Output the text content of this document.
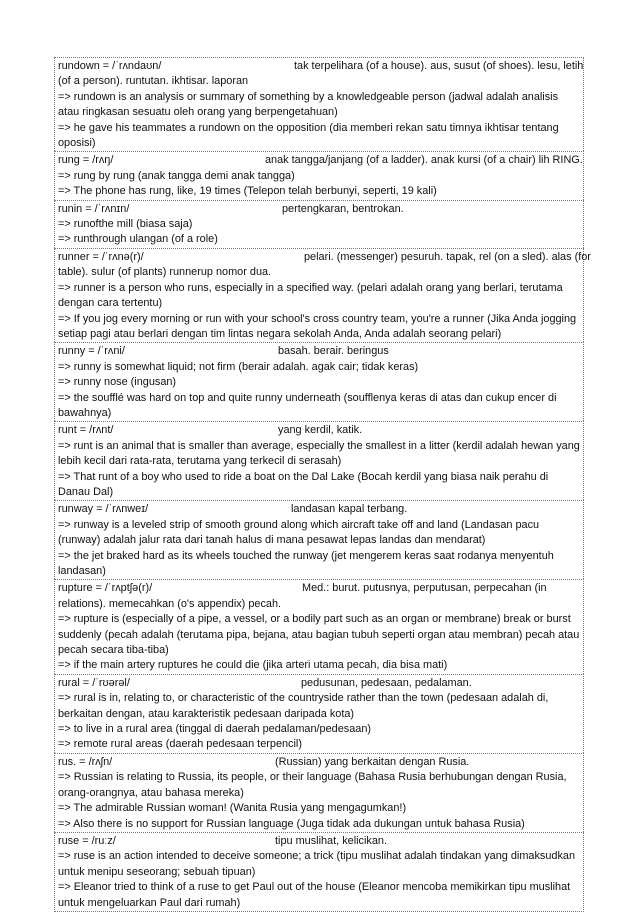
rundown = /ˈrʌndaʊn/	tak terpelihara (of a house). aus, susut (of shoes). lesu, letih
(of a person). runtutan. ikhtisar. laporan
=> rundown is an analysis or summary of something by a knowledgeable person (jadwal adalah analisis atau ringkasan sesuatu oleh orang yang berpengetahuan)
=> he gave his teammates a rundown on the opposition (dia memberi rekan satu timnya ikhtisar tentang oposisi)
rung = /rʌŋ/	anak tangga/janjang (of a ladder). anak kursi (of a chair) lih RING.
=> rung by rung (anak tangga demi anak tangga)
=> The phone has rung, like, 19 times (Telepon telah berbunyi, seperti, 19 kali)
runin = /ˈrʌnɪn/	pertengkaran, bentrokan.
=> runofthe mill (biasa saja)
=> runthrough ulangan (of a role)
runner = /ˈrʌnə(r)/	pelari. (messenger) pesuruh. tapak, rel (on a sled). alas (for
table). sulur (of plants) runnerup nomor dua.
=> runner is a person who runs, especially in a specified way. (pelari adalah orang yang berlari, terutama dengan cara tertentu)
=> If you jog every morning or run with your school's cross country team, you're a runner (Jika Anda jogging setiap pagi atau berlari dengan tim lintas negara sekolah Anda, Anda adalah seorang pelari)
runny = /ˈrʌni/	basah. berair. beringus
=> runny is somewhat liquid; not firm (berair adalah. agak cair; tidak keras)
=> runny nose (ingusan)
=> the soufflé was hard on top and quite runny underneath (soufflenya keras di atas dan cukup encer di bawahnya)
runt = /rʌnt/	yang kerdil, katik.
=> runt is an animal that is smaller than average, especially the smallest in a litter (kerdil adalah hewan yang lebih kecil dari rata-rata, terutama yang terkecil di serasah)
=> That runt of a boy who used to ride a boat on the Dal Lake (Bocah kerdil yang biasa naik perahu di Danau Dal)
runway = /ˈrʌnweɪ/	landasan kapal terbang.
=> runway is a leveled strip of smooth ground along which aircraft take off and land (Landasan pacu (runway) adalah jalur rata dari tanah halus di mana pesawat lepas landas dan mendarat)
=> the jet braked hard as its wheels touched the runway (jet mengerem keras saat rodanya menyentuh landasan)
rupture = /ˈrʌptʃə(r)/	Med.: burut. putusnya, perputusan, perpecahan (in
relations). memecahkan (o's appendix) pecah.
=> rupture is (especially of a pipe, a vessel, or a bodily part such as an organ or membrane) break or burst suddenly (pecah adalah (terutama pipa, bejana, atau bagian tubuh seperti organ atau membran) pecah atau pecah secara tiba-tiba)
=> if the main artery ruptures he could die (jika arteri utama pecah, dia bisa mati)
rural = /ˈrʊərəl/	pedusunan, pedesaan, pedalaman.
=> rural is in, relating to, or characteristic of the countryside rather than the town (pedesaan adalah di, berkaitan dengan, atau karakteristik pedesaan daripada kota)
=> to live in a rural area (tinggal di daerah pedalaman/pedesaan)
=> remote rural areas (daerah pedesaan terpencil)
rus. = /rʌʃn/	(Russian) yang berkaitan dengan Rusia.
=> Russian is relating to Russia, its people, or their language (Bahasa Rusia berhubungan dengan Rusia, orang-orangnya, atau bahasa mereka)
=> The admirable Russian woman! (Wanita Rusia yang mengagumkan!)
=> Also there is no support for Russian language (Juga tidak ada dukungan untuk bahasa Rusia)
ruse = /ruːz/	tipu muslihat, kelicikan.
=> ruse is an action intended to deceive someone; a trick (tipu muslihat adalah tindakan yang dimaksudkan untuk menipu seseorang; sebuah tipuan)
=> Eleanor tried to think of a ruse to get Paul out of the house (Eleanor mencoba memikirkan tipu muslihat untuk mengeluarkan Paul dari rumah)
